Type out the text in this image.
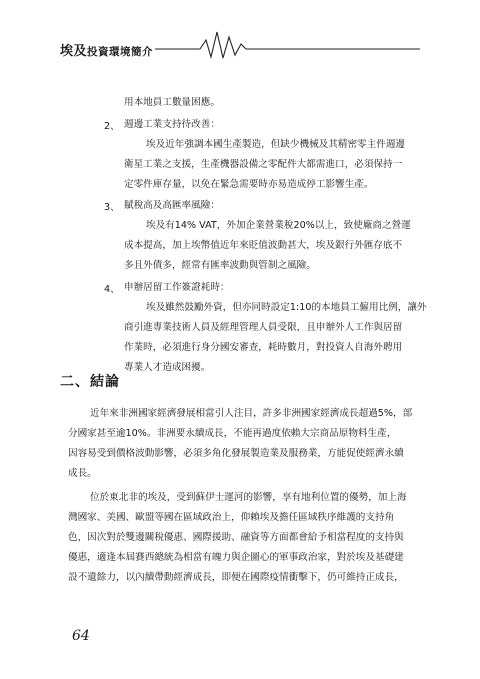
埃及投資環境簡介
用本地員工數量困應。
2、 週邊工業支持待改善：
埃及近年強調本國生產製造，但缺少機械及其精密零主件週邊
衛星工業之支援，生產機器設備之零配件大都需進口，必須保持一
定零件庫存量，以免在緊急需要時亦易造成停工影響生產。
3、 賦稅高及高匯率風險：
埃及有14% VAT，外加企業營業稅20%以上，致使廠商之營運
成本提高，加上埃幣值近年來貶值波動甚大，埃及銀行外匯存底不
多且外債多，經常有匯率波動與管制之風險。
4、 申辦居留工作簽證耗時：
埃及雖然鼓勵外資，但亦同時設定1:10的本地員工僱用比例，讓外
商引進專業技術人員及經理管理人員受限，且申辦外人工作與居留
作業時，必須進行身分國安審查，耗時數月，對投資人自海外聘用
專業人才造成困擾。
二、結論
近年來非洲國家經濟發展相當引人注目，許多非洲國家經濟成長超過5%，部
分國家甚至逾10%。非洲要永續成長，不能再過度依賴大宗商品原物料生產，
因容易受到價格波動影響，必須多角化發展製造業及服務業，方能促使經濟永續
成長。
位於東北非的埃及，受到蘇伊士運河的影響，享有地利位置的優勢，加上海
灣國家、美國、歐盟等國在區域政治上，仰賴埃及擔任區域秩序維護的支持角
色，因次對於雙邊關稅優惠、國際援助、融資等方面都會給予相當程度的支持與
優惠，適逢本屆賽西總統為相當有魄力與企圖心的軍事政治家，對於埃及基礎建
設不遺餘力，以內續帶動經濟成長，即便在國際疫情衝擊下，仍可維持正成長，
64
